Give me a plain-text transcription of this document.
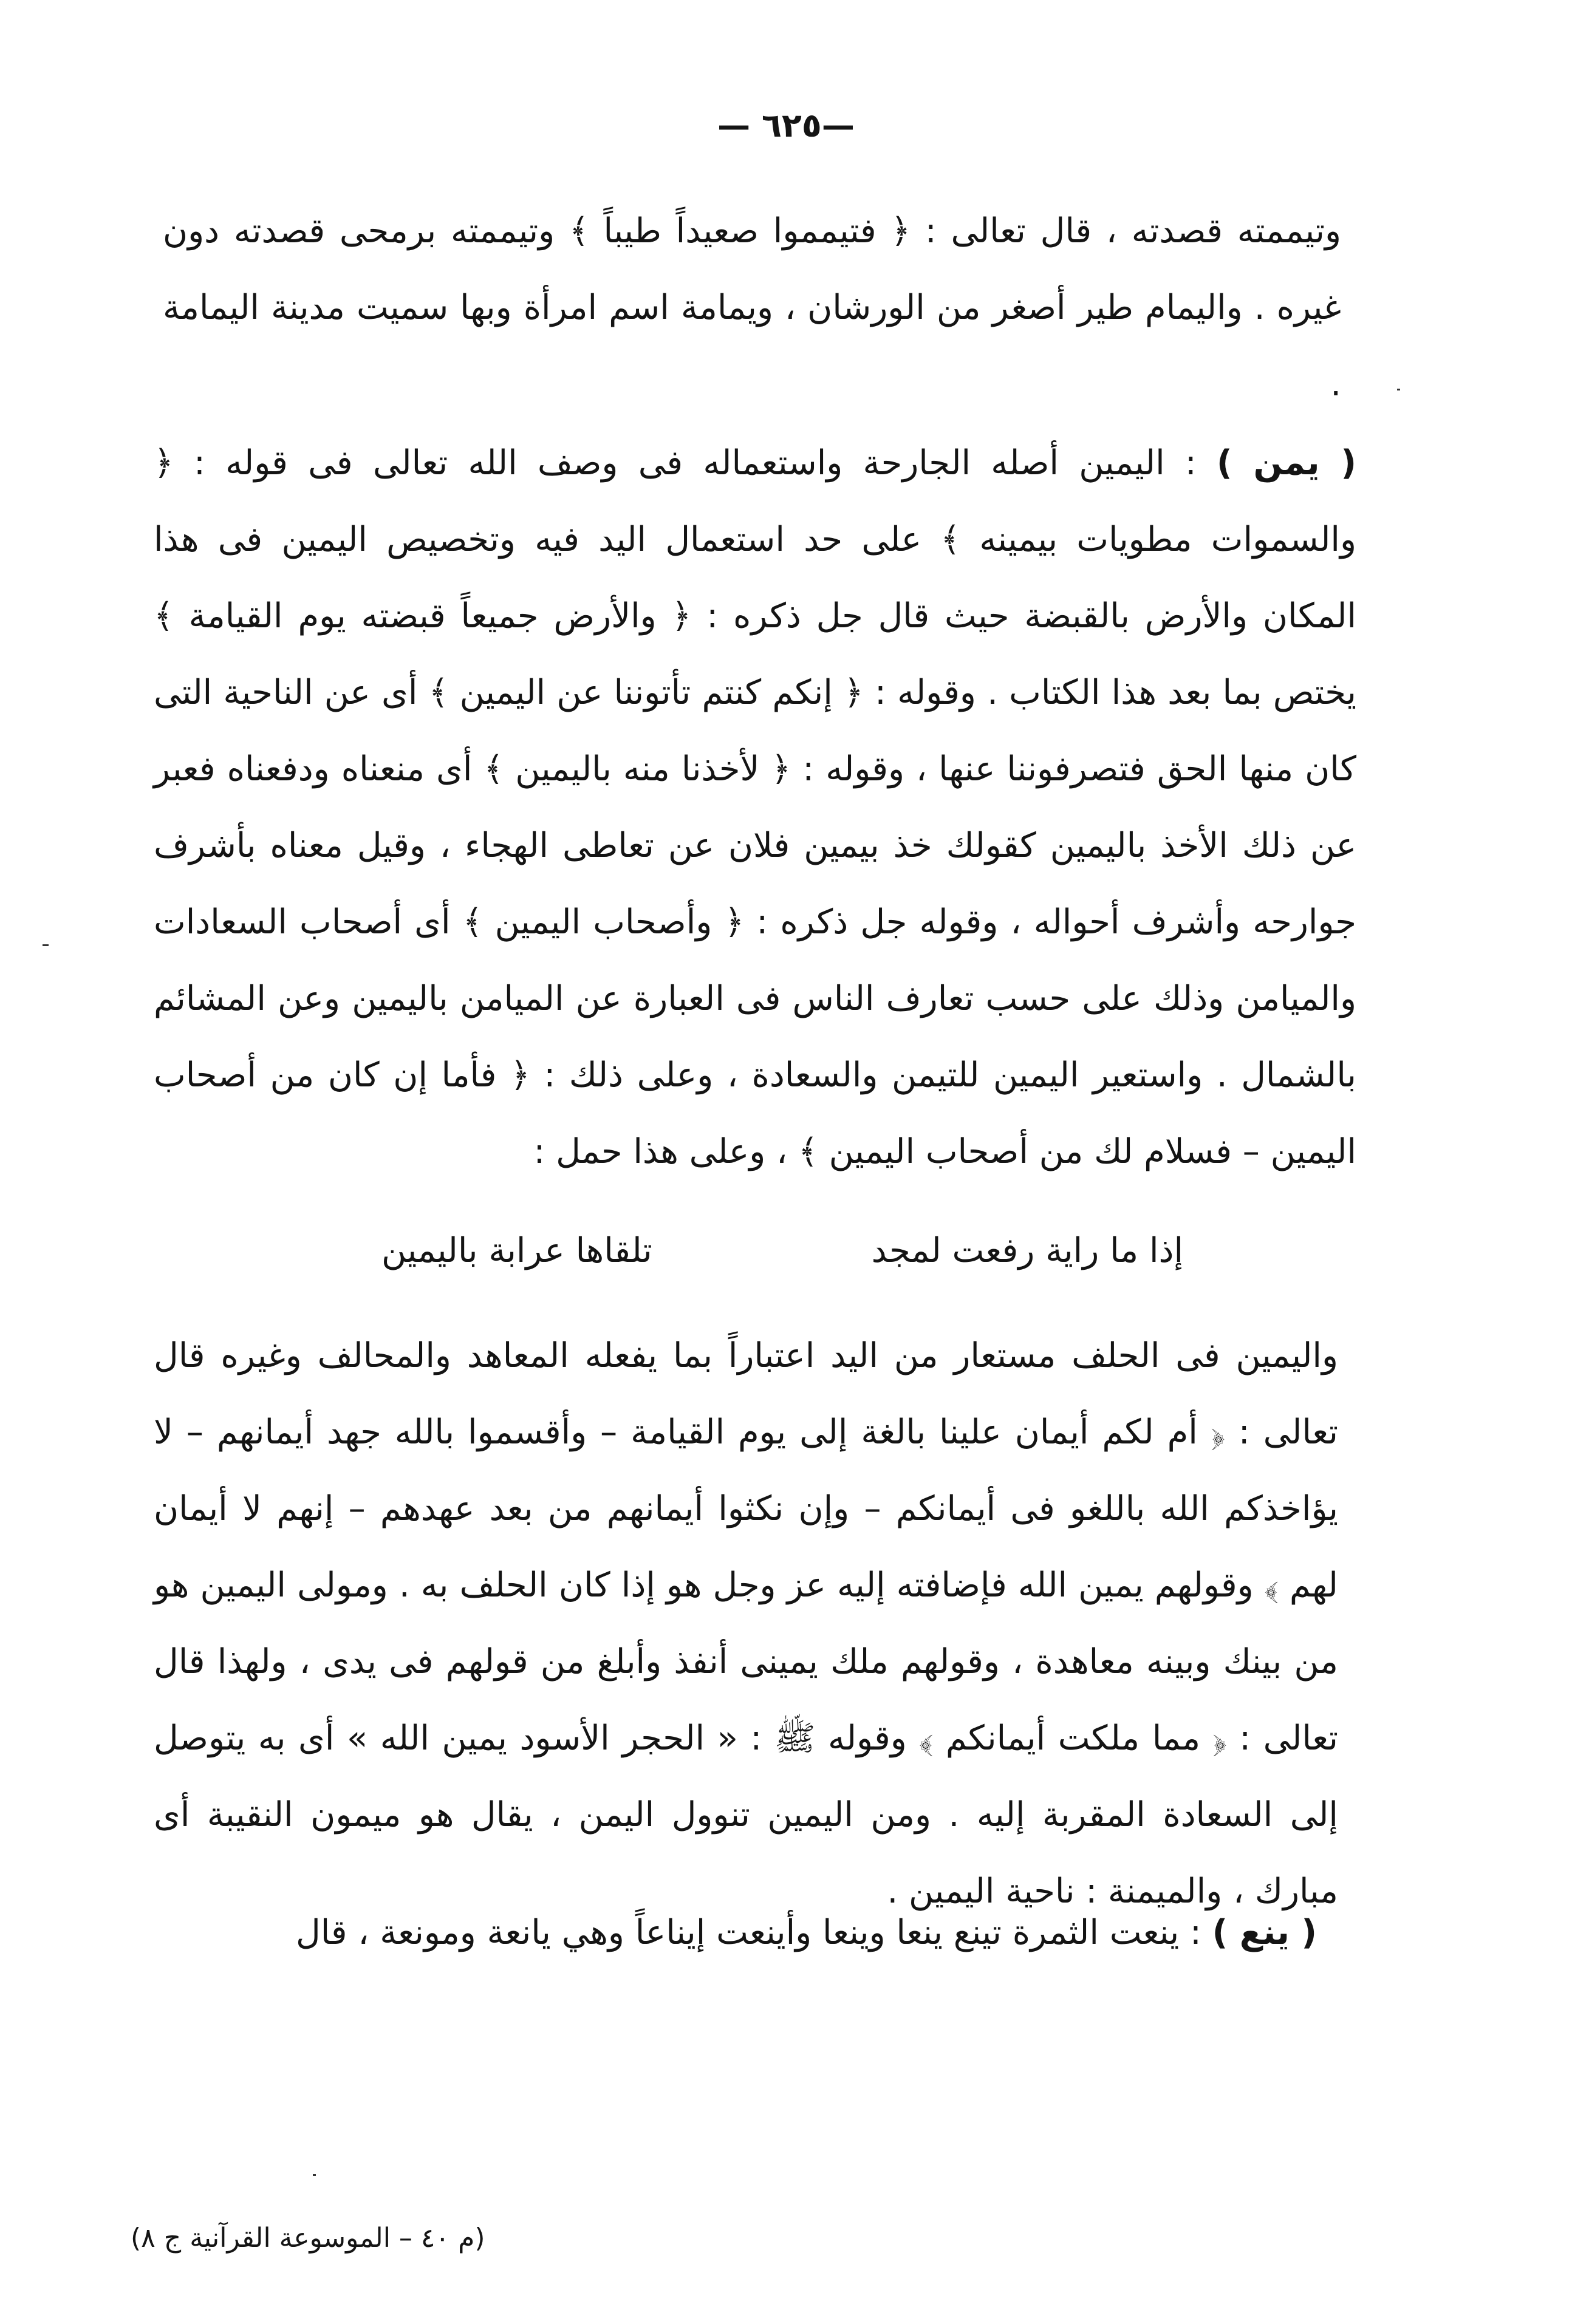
—٦٢٥ —

وتيممته قصدته ، قال تعالى : ﴿ فتيمموا صعيداً طيباً ﴾ وتيممته برمحى قصدته دون غيره . واليمام طير أصغر من الورشان ، ويمامة اسم امرأة وبها سميت مدينة اليمامة .

( يمن ) : اليمين أصله الجارحة واستعماله فى وصف الله تعالى فى قوله : ﴿ والسموات مطويات بيمينه ﴾ على حد استعمال اليد فيه وتخصيص اليمين فى هذا المكان والأرض بالقبضة حيث قال جل ذكره : ﴿ والأرض جميعاً قبضته يوم القيامة ﴾ يختص بما بعد هذا الكتاب . وقوله : ﴿ إنكم كنتم تأتوننا عن اليمين ﴾ أى عن الناحية التى كان منها الحق فتصرفوننا عنها ، وقوله : ﴿ لأخذنا منه باليمين ﴾ أى منعناه ودفعناه فعبر عن ذلك الأخذ باليمين كقولك خذ بيمين فلان عن تعاطى الهجاء ، وقيل معناه بأشرف جوارحه وأشرف أحواله ، وقوله جل ذكره : ﴿ وأصحاب اليمين ﴾ أى أصحاب السعادات والميامن وذلك على حسب تعارف الناس فى العبارة عن الميامن باليمين وعن المشائم بالشمال . واستعير اليمين للتيمن والسعادة ، وعلى ذلك : ﴿ فأما إن كان من أصحاب اليمين – فسلام لك من أصحاب اليمين ﴾ ، وعلى هذا حمل :

إذا ما راية رفعت لمجد
تلقاها عرابة باليمين

واليمين فى الحلف مستعار من اليد اعتباراً بما يفعله المعاهد والمحالف وغيره قال تعالى : ﴿ أم لكم أيمان علينا بالغة إلى يوم القيامة – وأقسموا بالله جهد أيمانهم – لا يؤاخذكم الله باللغو فى أيمانكم – وإن نكثوا أيمانهم من بعد عهدهم – إنهم لا أيمان لهم ﴾ وقولهم يمين الله فإضافته إليه عز وجل هو إذا كان الحلف به . ومولى اليمين هو من بينك وبينه معاهدة ، وقولهم ملك يمينى أنفذ وأبلغ من قولهم فى يدى ، ولهذا قال تعالى : ﴿ مما ملكت أيمانكم ﴾ وقوله ﷺ : « الحجر الأسود يمين الله » أى به يتوصل إلى السعادة المقربة إليه . ومن اليمين تنوول اليمن ، يقال هو ميمون النقيبة أى مبارك ، والميمنة : ناحية اليمين .

( ينع ) : ينعت الثمرة تينع ينعا وينعا وأينعت إيناعاً وهي يانعة ومونعة ، قال

(م ٤٠ – الموسوعة القرآنية ج ٨)
